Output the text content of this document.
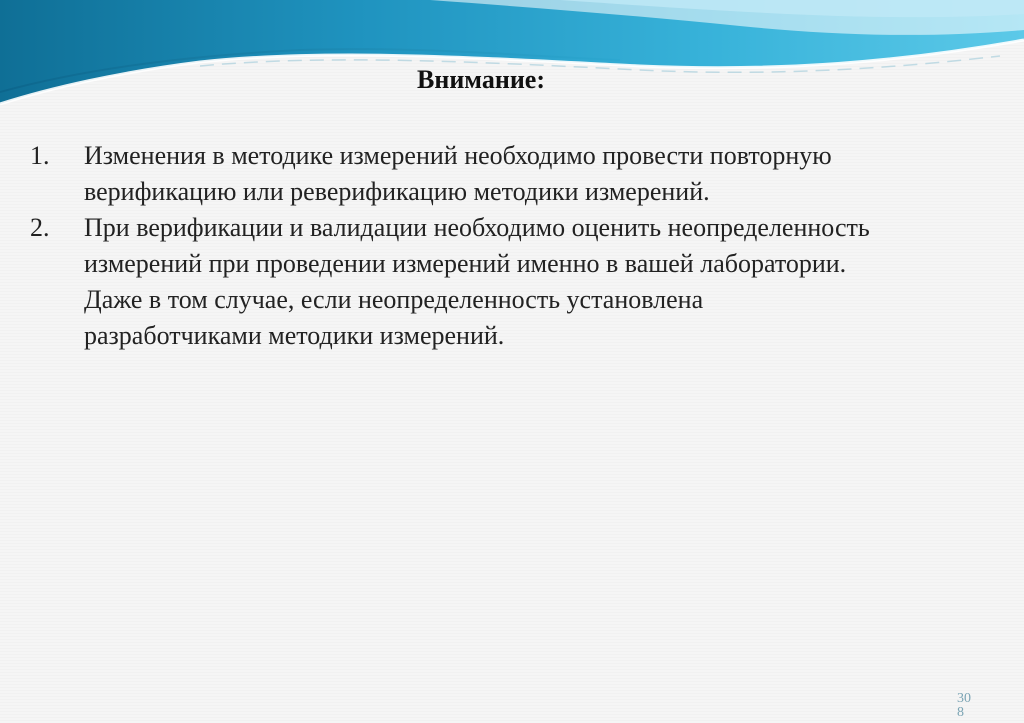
Внимание:
1.	Изменения в методике измерений необходимо провести повторную верификацию или реверификацию методики измерений.
2.	При верификации и валидации необходимо оценить неопределенность измерений при проведении измерений именно в вашей лаборатории. Даже в том случае, если неопределенность установлена разработчиками методики измерений.
308
